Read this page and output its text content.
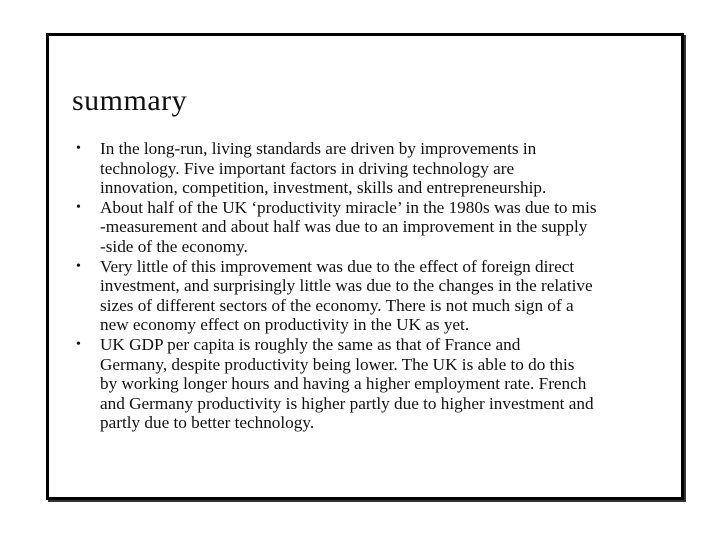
summary
• In the long-run, living standards are driven by improvements in
technology. Five important factors in driving technology are
innovation, competition, investment, skills and entrepreneurship.
• About half of the UK ‘productivity miracle’ in the 1980s was due to mis
-measurement and about half was due to an improvement in the supply
-side of the economy.
• Very little of this improvement was due to the effect of foreign direct
investment, and surprisingly little was due to the changes in the relative
sizes of different sectors of the economy. There is not much sign of a
new economy effect on productivity in the UK as yet.
• UK GDP per capita is roughly the same as that of France and
Germany, despite productivity being lower. The UK is able to do this
by working longer hours and having a higher employment rate. French
and Germany productivity is higher partly due to higher investment and
partly due to better technology.
